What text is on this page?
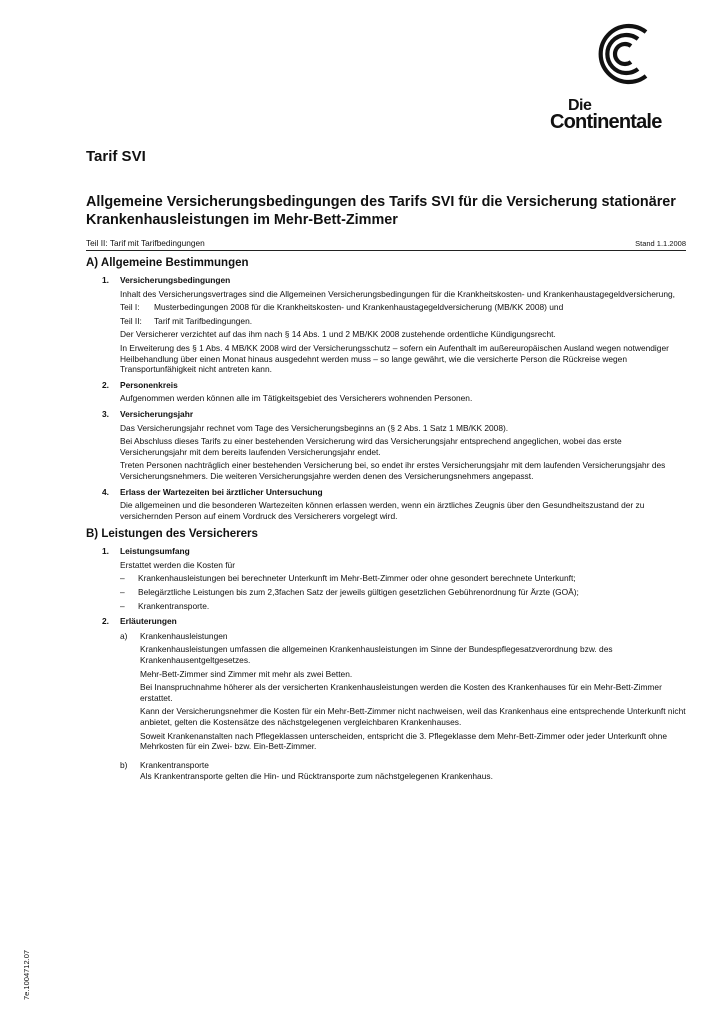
Die
Continentale
Tarif SVI
Allgemeine Versicherungsbedingungen des Tarifs SVI für die Versicherung stationärer Krankenhausleistungen im Mehr-Bett-Zimmer
Teil II: Tarif mit Tarifbedingungen	Stand 1.1.2008
A) Allgemeine Bestimmungen
1. Versicherungsbedingungen

Inhalt des Versicherungsvertrages sind die Allgemeinen Versicherungsbedingungen für die Krankheitskosten- und Krankenhaustagegeldversicherung,

Teil I: Musterbedingungen 2008 für die Krankheitskosten- und Krankenhaustagegeldversicherung (MB/KK 2008) und
Teil II: Tarif mit Tarifbedingungen.

Der Versicherer verzichtet auf das ihm nach § 14 Abs. 1 und 2 MB/KK 2008 zustehende ordentliche Kündigungsrecht.

In Erweiterung des § 1 Abs. 4 MB/KK 2008 wird der Versicherungsschutz – sofern ein Aufenthalt im außereuropäischen Ausland wegen notwendiger Heilbehandlung über einen Monat hinaus ausgedehnt werden muss – so lange gewährt, wie die versicherte Person die Rückreise wegen Transportunfähigkeit nicht antreten kann.

2. Personenkreis

Aufgenommen werden können alle im Tätigkeitsgebiet des Versicherers wohnenden Personen.

3. Versicherungsjahr

Das Versicherungsjahr rechnet vom Tage des Versicherungsbeginns an (§ 2 Abs. 1 Satz 1 MB/KK 2008).

Bei Abschluss dieses Tarifs zu einer bestehenden Versicherung wird das Versicherungsjahr entsprechend angeglichen, wobei das erste Versicherungsjahr mit dem bereits laufenden Versicherungsjahr endet.

Treten Personen nachträglich einer bestehenden Versicherung bei, so endet ihr erstes Versicherungsjahr mit dem laufenden Versicherungsjahr des Versicherungsnehmers. Die weiteren Versicherungsjahre werden denen des Versicherungsnehmers angepasst.

4. Erlass der Wartezeiten bei ärztlicher Untersuchung

Die allgemeinen und die besonderen Wartezeiten können erlassen werden, wenn ein ärztliches Zeugnis über den Gesundheitszustand der zu versichernden Person auf einem Vordruck des Versicherers vorgelegt wird.

B) Leistungen des Versicherers
1. Leistungsumfang

Erstattet werden die Kosten für

– Krankenhausleistungen bei berechneter Unterkunft im Mehr-Bett-Zimmer oder ohne gesondert berechnete Unterkunft;
– Belegärztliche Leistungen bis zum 2,3fachen Satz der jeweils gültigen gesetzlichen Gebührenordnung für Ärzte (GOÄ);
– Krankentransporte.
2. Erläuterungen
a) Krankenhausleistungen

Krankenhausleistungen umfassen die allgemeinen Krankenhausleistungen im Sinne der Bundespflegesatzverordnung bzw. des Krankenhausentgeltgesetzes.

Mehr-Bett-Zimmer sind Zimmer mit mehr als zwei Betten.

Bei Inanspruchnahme höherer als der versicherten Krankenhausleistungen werden die Kosten des Krankenhauses für ein Mehr-Bett-Zimmer erstattet.

Kann der Versicherungsnehmer die Kosten für ein Mehr-Bett-Zimmer nicht nachweisen, weil das Krankenhaus eine entsprechende Unterkunft nicht anbietet, gelten die Kostensätze des nächstgelegenen vergleichbaren Krankenhauses.

Soweit Krankenanstalten nach Pflegeklassen unterscheiden, entspricht die 3. Pflegeklasse dem Mehr-Bett-Zimmer oder jeder Unterkunft ohne Mehrkosten für ein Zwei- bzw. Ein-Bett-Zimmer.

b) Krankentransporte

Als Krankentransporte gelten die Hin- und Rücktransporte zum nächstgelegenen Krankenhaus.

7e.1004712.07
